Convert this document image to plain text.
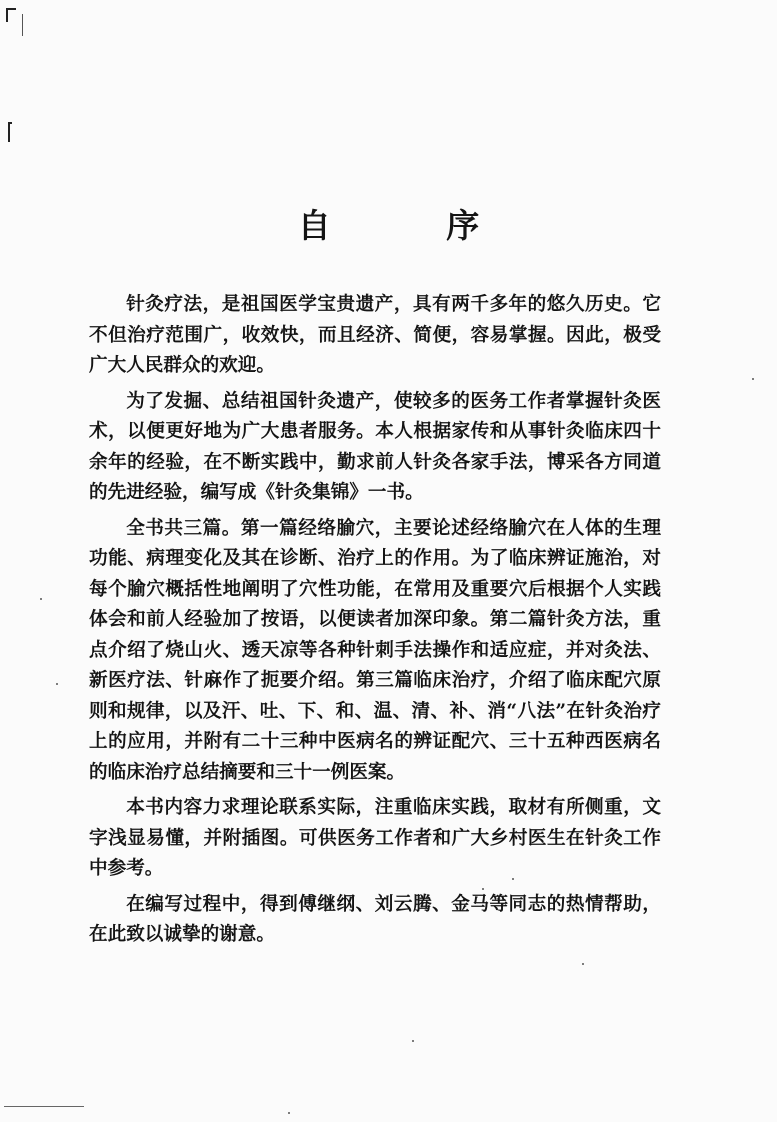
自 序

针灸疗法，是祖国医学宝贵遗产，具有两千多年的悠久历史。它不但治疗范围广，收效快，而且经济、简便，容易掌握。因此，极受广大人民群众的欢迎。

为了发掘、总结祖国针灸遗产，使较多的医务工作者掌握针灸医术，以便更好地为广大患者服务。本人根据家传和从事针灸临床四十余年的经验，在不断实践中，勤求前人针灸各家手法，博采各方同道的先进经验，编写成《针灸集锦》一书。

全书共三篇。第一篇经络腧穴，主要论述经络腧穴在人体的生理功能、病理变化及其在诊断、治疗上的作用。为了临床辨证施治，对每个腧穴概括性地阐明了穴性功能，在常用及重要穴后根据个人实践体会和前人经验加了按语，以便读者加深印象。第二篇针灸方法，重点介绍了烧山火、透天凉等各种针刺手法操作和适应症，并对灸法、新医疗法、针麻作了扼要介绍。第三篇临床治疗，介绍了临床配穴原则和规律，以及汗、吐、下、和、温、清、补、消“八法”在针灸治疗上的应用，并附有二十三种中医病名的辨证配穴、三十五种西医病名的临床治疗总结摘要和三十一例医案。

本书内容力求理论联系实际，注重临床实践，取材有所侧重，文字浅显易懂，并附插图。可供医务工作者和广大乡村医生在针灸工作中参考。

在编写过程中，得到傅继纲、刘云腾、金马等同志的热情帮助，在此致以诚挚的谢意。
